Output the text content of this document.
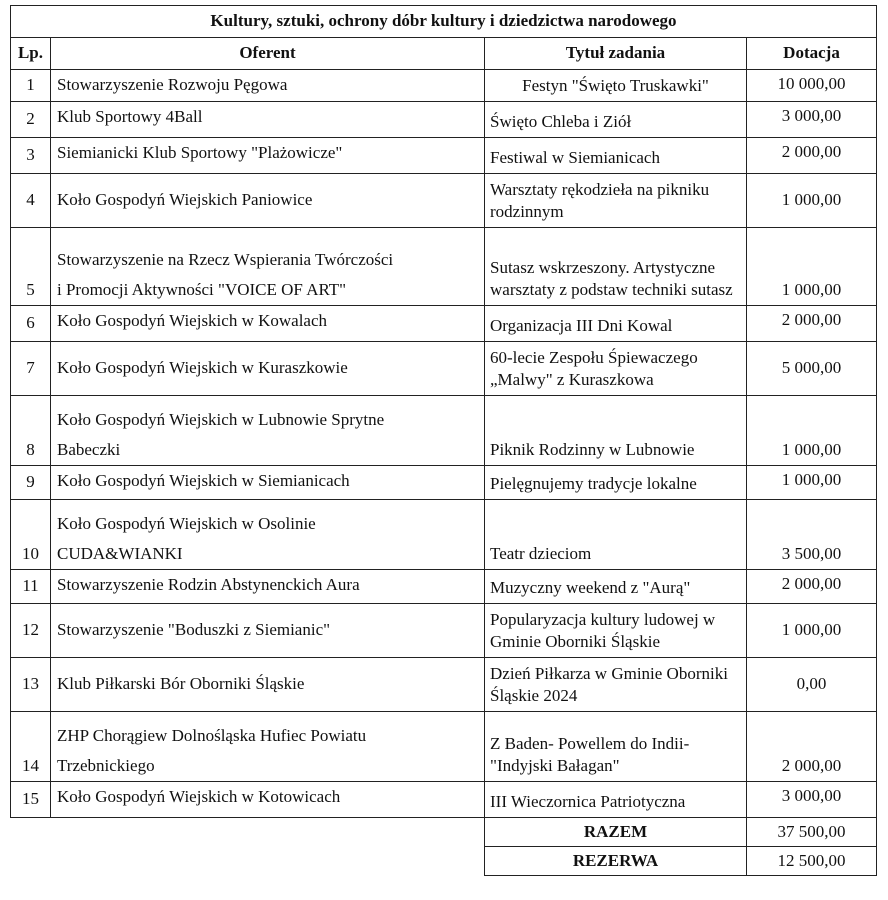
Kultury, sztuki, ochrony dóbr kultury i dziedzictwa narodowego			
Lp.	Oferent	Tytuł zadania	Dotacja
1	Stowarzyszenie Rozwoju Pęgowa	Festyn "Święto Truskawki"	10 000,00
2	Klub Sportowy 4Ball	Święto Chleba i Ziół	3 000,00
3	Siemianicki Klub Sportowy "Plażowicze"	Festiwal w Siemianicach	2 000,00
4	Koło Gospodyń Wiejskich Paniowice	Warsztaty rękodzieła na pikniku rodzinnym	1 000,00
5	Stowarzyszenie na Rzecz Wspierania Twórczości
i Promocji Aktywności "VOICE OF ART"	Sutasz wskrzeszony. Artystyczne warsztaty z podstaw techniki sutasz	1 000,00
6	Koło Gospodyń Wiejskich w Kowalach	Organizacja III Dni Kowal	2 000,00
7	Koło Gospodyń Wiejskich w Kuraszkowie	60-lecie Zespołu Śpiewaczego „Malwy" z Kuraszkowa	5 000,00
8	Koło Gospodyń Wiejskich w Lubnowie Sprytne
Babeczki	Piknik Rodzinny w Lubnowie	1 000,00
9	Koło Gospodyń Wiejskich w Siemianicach	Pielęgnujemy tradycje lokalne	1 000,00
10	Koło Gospodyń Wiejskich w Osolinie
CUDA&WIANKI	Teatr dzieciom	3 500,00
11	Stowarzyszenie Rodzin Abstynenckich Aura	Muzyczny weekend z "Aurą"	2 000,00
12	Stowarzyszenie "Boduszki z Siemianic"	Popularyzacja kultury ludowej w Gminie Oborniki Śląskie	1 000,00
13	Klub Piłkarski Bór Oborniki Śląskie	Dzień Piłkarza w Gminie Oborniki Śląskie 2024	0,00
14	ZHP Chorągiew Dolnośląska Hufiec Powiatu
Trzebnickiego	Z Baden- Powellem do Indii- "Indyjski Bałagan"	2 000,00
15	Koło Gospodyń Wiejskich w Kotowicach	III Wieczornica Patriotyczna	3 000,00
		RAZEM	37 500,00
		REZERWA	12 500,00
